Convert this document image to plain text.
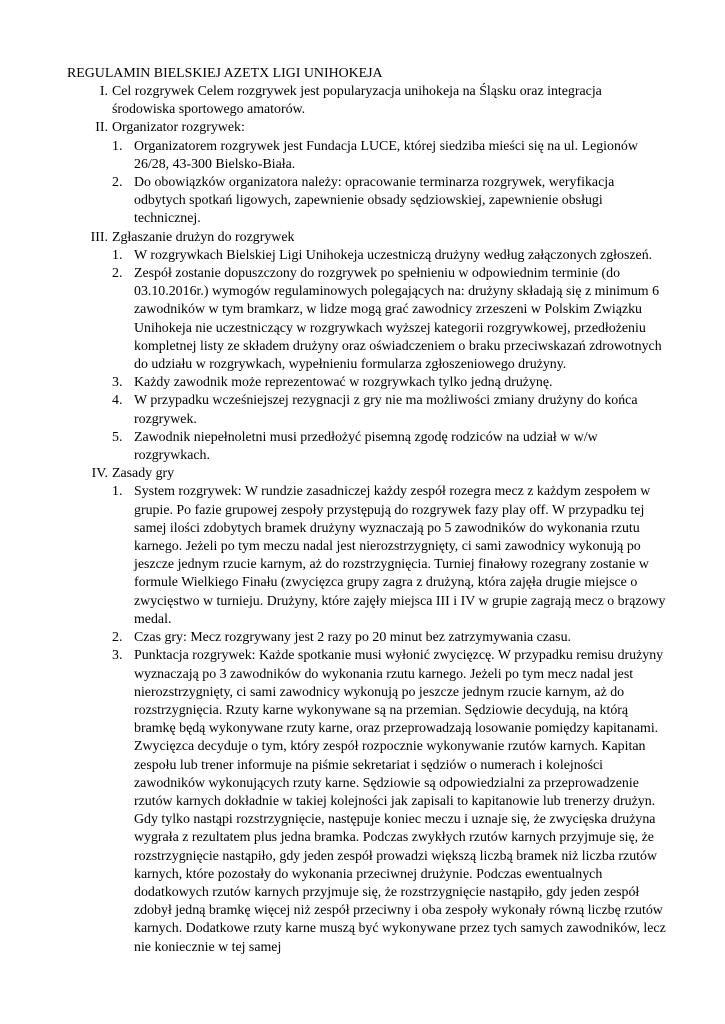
REGULAMIN BIELSKIEJ AZETX LIGI UNIHOKEJA
I. Cel rozgrywek Celem rozgrywek jest popularyzacja unihokeja na Śląsku oraz integracja środowiska sportowego amatorów.
II. Organizator rozgrywek:
1. Organizatorem rozgrywek jest Fundacja LUCE, której siedziba mieści się na ul. Legionów 26/28, 43-300 Bielsko-Biała.
2. Do obowiązków organizatora należy: opracowanie terminarza rozgrywek, weryfikacja odbytych spotkań ligowych, zapewnienie obsady sędziowskiej, zapewnienie obsługi technicznej.
III. Zgłaszanie drużyn do rozgrywek
1. W rozgrywkach Bielskiej Ligi Unihokeja uczestniczą drużyny według załączonych zgłoszeń.
2. Zespół zostanie dopuszczony do rozgrywek po spełnieniu w odpowiednim terminie (do 03.10.2016r.) wymogów regulaminowych polegających na: drużyny składają się z minimum 6 zawodników w tym bramkarz, w lidze mogą grać zawodnicy zrzeszeni w Polskim Związku Unihokeja nie uczestniczący w rozgrywkach wyższej kategorii rozgrywkowej, przedłożeniu kompletnej listy ze składem drużyny oraz oświadczeniem o braku przeciwskazań zdrowotnych do udziału w rozgrywkach, wypełnieniu formularza zgłoszeniowego drużyny.
3. Każdy zawodnik może reprezentować w rozgrywkach tylko jedną drużynę.
4. W przypadku wcześniejszej rezygnacji z gry nie ma możliwości zmiany drużyny do końca rozgrywek.
5. Zawodnik niepełnoletni musi przedłożyć pisemną zgodę rodziców na udział w w/w rozgrywkach.
IV. Zasady gry
1. System rozgrywek: W rundzie zasadniczej każdy zespół rozegra mecz z każdym zespołem w grupie. Po fazie grupowej zespoły przystępują do rozgrywek fazy play off. W przypadku tej samej ilości zdobytych bramek drużyny wyznaczają po 5 zawodników do wykonania rzutu karnego. Jeżeli po tym meczu nadal jest nierozstrzygnięty, ci sami zawodnicy wykonują po jeszcze jednym rzucie karnym, aż do rozstrzygnięcia. Turniej finałowy rozegrany zostanie w formule Wielkiego Finału (zwycięzca grupy zagra z drużyną, która zajęła drugie miejsce o zwycięstwo w turnieju. Drużyny, które zajęły miejsca III i IV w grupie zagrają mecz o brązowy medal.
2. Czas gry: Mecz rozgrywany jest 2 razy po 20 minut bez zatrzymywania czasu.
3. Punktacja rozgrywek: Każde spotkanie musi wyłonić zwycięzcę. W przypadku remisu drużyny wyznaczają po 3 zawodników do wykonania rzutu karnego. Jeżeli po tym mecz nadal jest nierozstrzygnięty, ci sami zawodnicy wykonują po jeszcze jednym rzucie karnym, aż do rozstrzygnięcia. Rzuty karne wykonywane są na przemian. Sędziowie decydują, na którą bramkę będą wykonywane rzuty karne, oraz przeprowadzają losowanie pomiędzy kapitanami. Zwycięzca decyduje o tym, który zespół rozpocznie wykonywanie rzutów karnych. Kapitan zespołu lub trener informuje na piśmie sekretariat i sędziów o numerach i kolejności zawodników wykonujących rzuty karne. Sędziowie są odpowiedzialni za przeprowadzenie rzutów karnych dokładnie w takiej kolejności jak zapisali to kapitanowie lub trenerzy drużyn. Gdy tylko nastąpi rozstrzygnięcie, następuje koniec meczu i uznaje się, że zwycięska drużyna wygrała z rezultatem plus jedna bramka. Podczas zwykłych rzutów karnych przyjmuje się, że rozstrzygnięcie nastąpiło, gdy jeden zespół prowadzi większą liczbą bramek niż liczba rzutów karnych, które pozostały do wykonania przeciwnej drużynie. Podczas ewentualnych dodatkowych rzutów karnych przyjmuje się, że rozstrzygnięcie nastąpiło, gdy jeden zespół zdobył jedną bramkę więcej niż zespół przeciwny i oba zespoły wykonały równą liczbę rzutów karnych. Dodatkowe rzuty karne muszą być wykonywane przez tych samych zawodników, lecz nie koniecznie w tej samej
